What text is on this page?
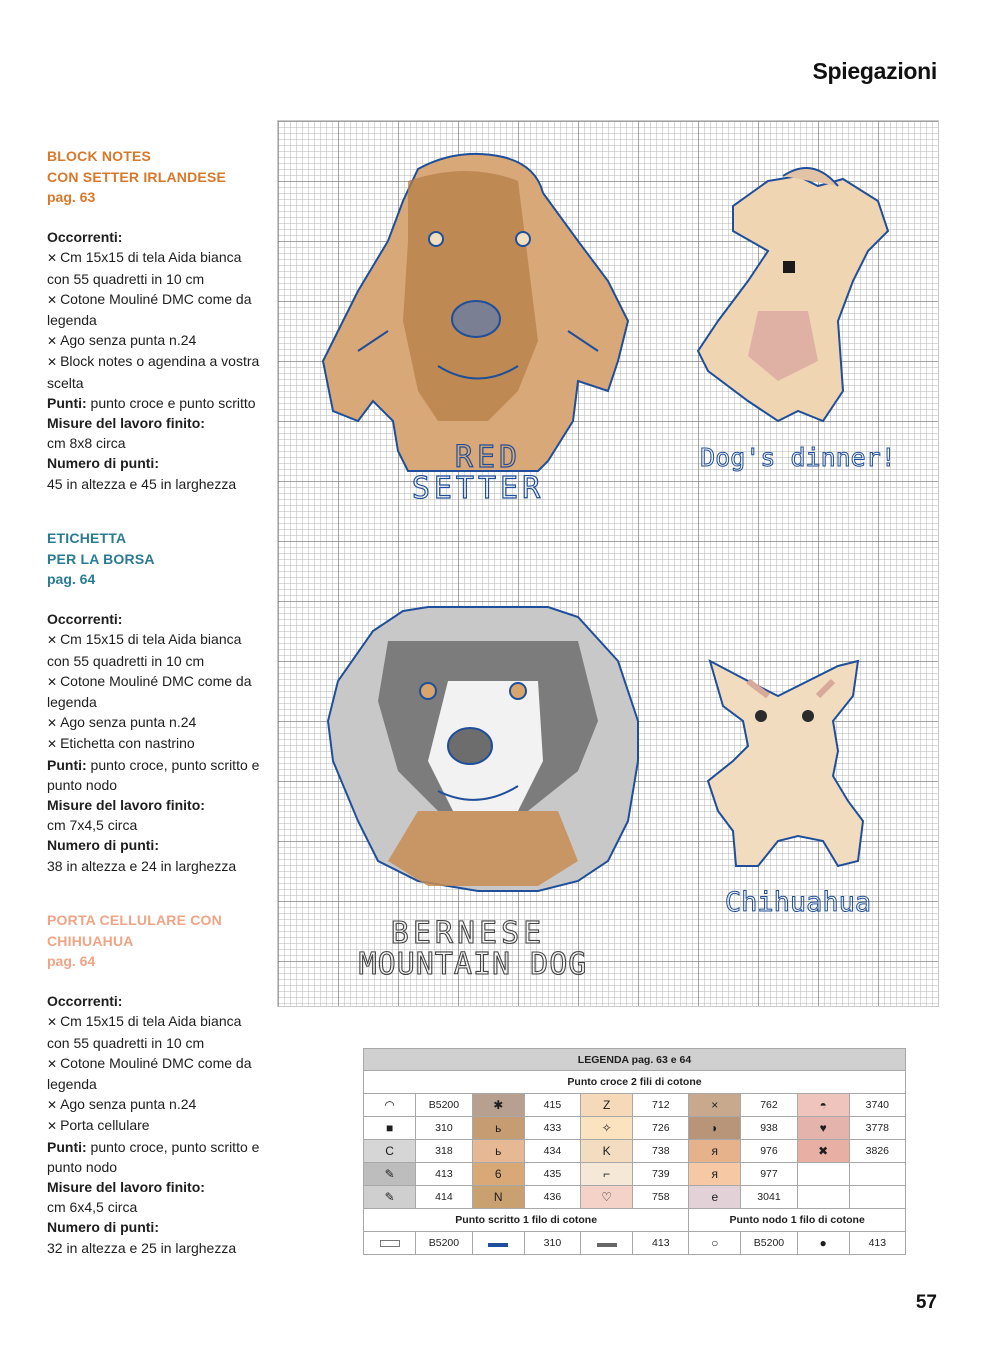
Spiegazioni
BLOCK NOTES
CON SETTER IRLANDESE
pag. 63
Occorrenti:
✕ Cm 15x15 di tela Aida bianca con 55 quadretti in 10 cm
✕ Cotone Mouliné DMC come da legenda
✕ Ago senza punta n.24
✕ Block notes o agendina a vostra scelta
Punti: punto croce e punto scritto
Misure del lavoro finito:
cm 8x8 circa
Numero di punti:
45 in altezza e 45 in larghezza
ETICHETTA
PER LA BORSA
pag. 64
Occorrenti:
✕ Cm 15x15 di tela Aida bianca con 55 quadretti in 10 cm
✕ Cotone Mouliné DMC come da legenda
✕ Ago senza punta n.24
✕ Etichetta con nastrino
Punti: punto croce, punto scritto e punto nodo
Misure del lavoro finito:
cm 7x4,5 circa
Numero di punti:
38 in altezza e 24 in larghezza
PORTA CELLULARE CON
CHIHUAHUA
pag. 64
Occorrenti:
✕ Cm 15x15 di tela Aida bianca con 55 quadretti in 10 cm
✕ Cotone Mouliné DMC come da legenda
✕ Ago senza punta n.24
✕ Porta cellulare
Punti: punto croce, punto scritto e punto nodo
Misure del lavoro finito:
cm 6x4,5 circa
Numero di punti:
32 in altezza e 25 in larghezza
RED
SETTER
Dog's dinner!
BERNESE
MOUNTAIN DOG
Chihuahua
LEGENDA pag. 63 e 64									
Punto croce 2 fili di cotone									
◠	B5200	✱	415	Z	712	×	762	◓	3740
■	310	ь	433	✧	726	◗	938	♥	3778
C	318	ь	434	K	738	я	976	✖	3826
✎	413	6	435	⌐	739	я	977		
✎	414	N	436	♡	758	e	3041		
Punto scritto 1 filo di cotone						Punto nodo 1 filo di cotone			
	B5200		310		413	○	B5200	●	413
57
